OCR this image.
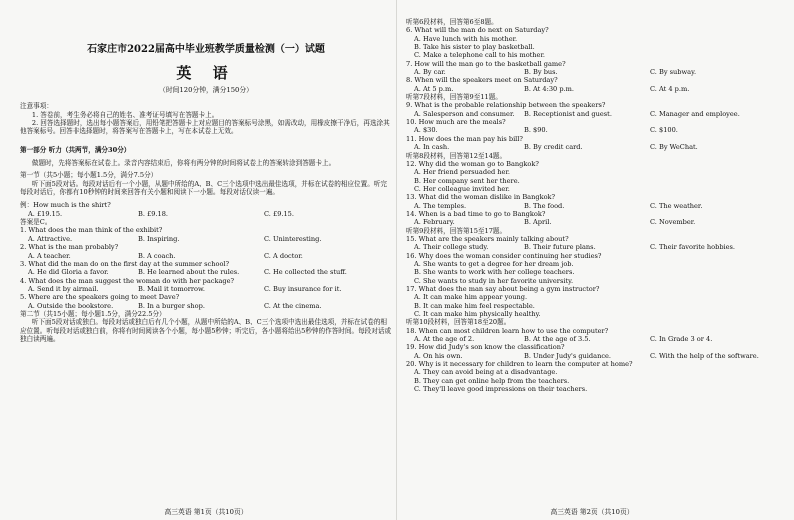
石家庄市2022届高中毕业班教学质量检测（一）试题
英 语
（时间120分钟，满分150分）
注意事项：
1. 答卷前，考生务必将自己的姓名、准考证号填写在答题卡上。
2. 回答选择题时，选出每小题答案后，用铅笔把答题卡上对应题目的答案标号涂黑，如需改动，用橡皮擦干净后，再选涂其他答案标号。回答非选择题时，将答案写在答题卡上，写在本试卷上无效。
第一部分 听力（共两节，满分30分）
做题时，先将答案标在试卷上。录音内容结束后，你将有两分钟的时间将试卷上的答案转涂到答题卡上。
第一节（共5小题；每小题1.5分，满分7.5分）
听下面5段对话。每段对话后有一个小题，从题中所给的A、B、C三个选项中选出最佳选项，并标在试卷的相应位置。听完每段对话后，你都有10秒钟的时间来回答有关小题和阅读下一小题。每段对话仅读一遍。
例：How much is the shirt?
A. £19.15.	B. £9.18.	C. £9.15.
答案是C。
1. What does the man think of the exhibit?
A. Attractive.	B. Inspiring.	C. Uninteresting.
2. What is the man probably?
A. A teacher.	B. A coach.	C. A doctor.
3. What did the man do on the first day at the summer school?
A. He did Gloria a favor.	B. He learned about the rules.	C. He collected the stuff.
4. What does the man suggest the woman do with her package?
A. Send it by airmail.	B. Mail it tomorrow.	C. Buy insurance for it.
5. Where are the speakers going to meet Dave?
A. Outside the bookstore.	B. In a burger shop.	C. At the cinema.
第二节（共15小题；每小题1.5分，满分22.5分）
听下面5段对话或独白。每段对话或独白后有几个小题，从题中所给的A、B、C三个选项中选出最佳选项，并标在试卷的相应位置。听每段对话或独白前，你将有时间阅读各个小题，每小题5秒钟；听完后，各小题将给出5秒钟的作答时间。每段对话或独白读两遍。
高三英语 第1页（共10页）
听第6段材料，回答第6至8题。
6. What will the man do next on Saturday?
A. Have lunch with his mother.
B. Take his sister to play basketball.
C. Make a telephone call to his mother.
7. How will the man go to the basketball game?
A. By car.	B. By bus.	C. By subway.
8. When will the speakers meet on Saturday?
A. At 5 p.m.	B. At 4:30 p.m.	C. At 4 p.m.
听第7段材料，回答第9至11题。
9. What is the probable relationship between the speakers?
A. Salesperson and consumer.	B. Receptionist and guest.	C. Manager and employee.
10. How much are the meals?
A. $30.	B. $90.	C. $100.
11. How does the man pay his bill?
A. In cash.	B. By credit card.	C. By WeChat.
听第8段材料，回答第12至14题。
12. Why did the woman go to Bangkok?
A. Her friend persuaded her.
B. Her company sent her there.
C. Her colleague invited her.
13. What did the woman dislike in Bangkok?
A. The temples.	B. The food.	C. The weather.
14. When is a bad time to go to Bangkok?
A. February.	B. April.	C. November.
听第9段材料，回答第15至17题。
15. What are the speakers mainly talking about?
A. Their college study.	B. Their future plans.	C. Their favorite hobbies.
16. Why does the woman consider continuing her studies?
A. She wants to get a degree for her dream job.
B. She wants to work with her college teachers.
C. She wants to study in her favorite university.
17. What does the man say about being a gym instructor?
A. It can make him appear young.
B. It can make him feel respectable.
C. It can make him physically healthy.
听第10段材料，回答第18至20题。
18. When can most children learn how to use the computer?
A. At the age of 2.	B. At the age of 3.5.	C. In Grade 3 or 4.
19. How did Judy's son know the classification?
A. On his own.	B. Under Judy's guidance.	C. With the help of the software.
20. Why is it necessary for children to learn the computer at home?
A. They can avoid being at a disadvantage.
B. They can get online help from the teachers.
C. They'll leave good impressions on their teachers.
高三英语 第2页（共10页）
